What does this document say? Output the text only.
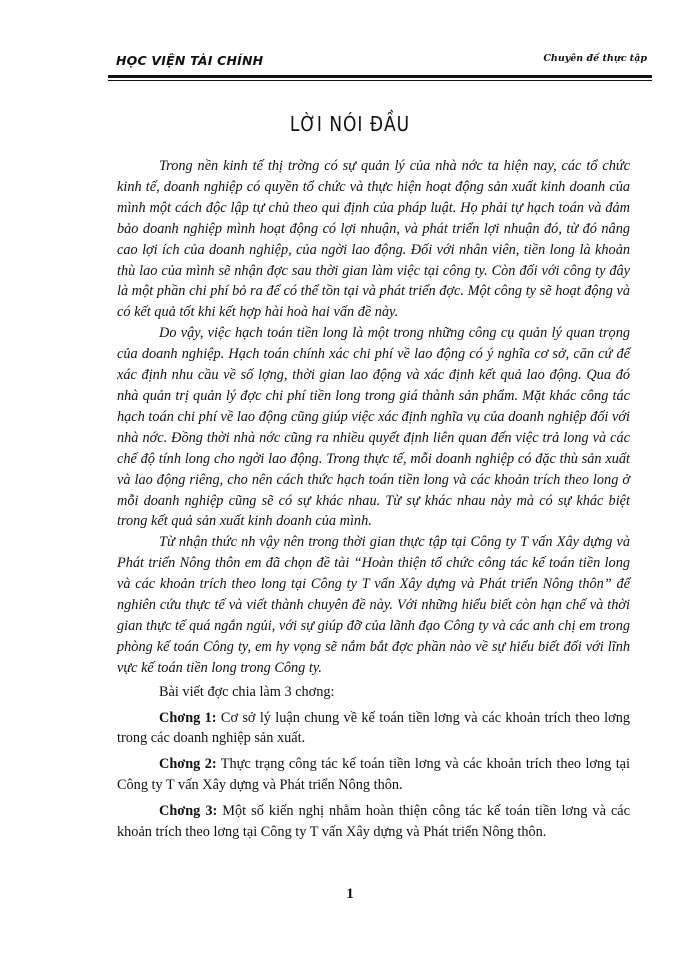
HỌC VIỆN TÀI CHÍNH	Chuyên đề thực tập
LỜI NÓI ĐẦU

Trong nền kinh tế thị trờng có sự quản lý của nhà nớc ta hiện nay, các tổ chức kinh tế, doanh nghiệp có quyền tổ chức và thực hiện hoạt động sản xuất kinh doanh của mình một cách độc lập tự chủ theo qui định của pháp luật. Họ phải tự hạch toán và đảm bảo doanh nghiệp mình hoạt động có lợi nhuận, và phát triển lợi nhuận đó, từ đó nâng cao lợi ích của doanh nghiệp, của ngời lao động. Đối với nhân viên, tiền long là khoản thù lao của mình sẽ nhận đợc sau thời gian làm việc tại công ty. Còn đối với công ty đây là một phần chi phí bỏ ra để có thể tồn tại và phát triển đợc. Một công ty sẽ hoạt động và có kết quả tốt khi kết hợp hài hoà hai vấn đề này.

Do vậy, việc hạch toán tiền long là một trong những công cụ quản lý quan trọng của doanh nghiệp. Hạch toán chính xác chi phí về lao động có ý nghĩa cơ sở, căn cứ để xác định nhu cầu về số lợng, thời gian lao động và xác định kết quả lao động. Qua đó nhà quản trị quản lý đợc chi phí tiền long trong giá thành sản phẩm. Mặt khác công tác hạch toán chi phí về lao động cũng giúp việc xác định nghĩa vụ của doanh nghiệp đối với nhà nớc. Đồng thời nhà nớc cũng ra nhiều quyết định liên quan đến việc trả long và các chế độ tính long cho ngời lao động. Trong thực tế, mỗi doanh nghiệp có đặc thù sản xuất và lao động riêng, cho nên cách thức hạch toán tiền long và các khoản trích theo long ở mỗi doanh nghiệp cũng sẽ có sự khác nhau. Từ sự khác nhau này mà có sự khác biệt trong kết quả sản xuất kinh doanh của mình.

Từ nhận thức nh vậy nên trong thời gian thực tập tại Công ty T vấn Xây dựng và Phát triển Nông thôn em đã chọn đề tài “Hoàn thiện tổ chức công tác kế toán tiền long và các khoản trích theo long tại Công ty T vấn Xây dựng và Phát triển Nông thôn” để nghiên cứu thực tế và viết thành chuyên đề này. Với những hiểu biết còn hạn chế và thời gian thực tế quá ngắn ngủi, với sự giúp đỡ của lãnh đạo Công ty và các anh chị em trong phòng kế toán Công ty, em hy vọng sẽ nắm bắt đợc phần nào về sự hiểu biết đối với lĩnh vực kế toán tiền long trong Công ty.

Bài viết đợc chia làm 3 chơng:

Chơng 1: Cơ sở lý luận chung về kế toán tiền lơng và các khoản trích theo lơng trong các doanh nghiệp sản xuất.

Chơng 2: Thực trạng công tác kế toán tiền lơng và các khoản trích theo lơng tại Công ty T vấn Xây dựng và Phát triển Nông thôn.

Chơng 3: Một số kiến nghị nhằm hoàn thiện công tác kế toán tiền lơng và các khoản trích theo lơng tại Công ty T vấn Xây dựng và Phát triển Nông thôn.

1
